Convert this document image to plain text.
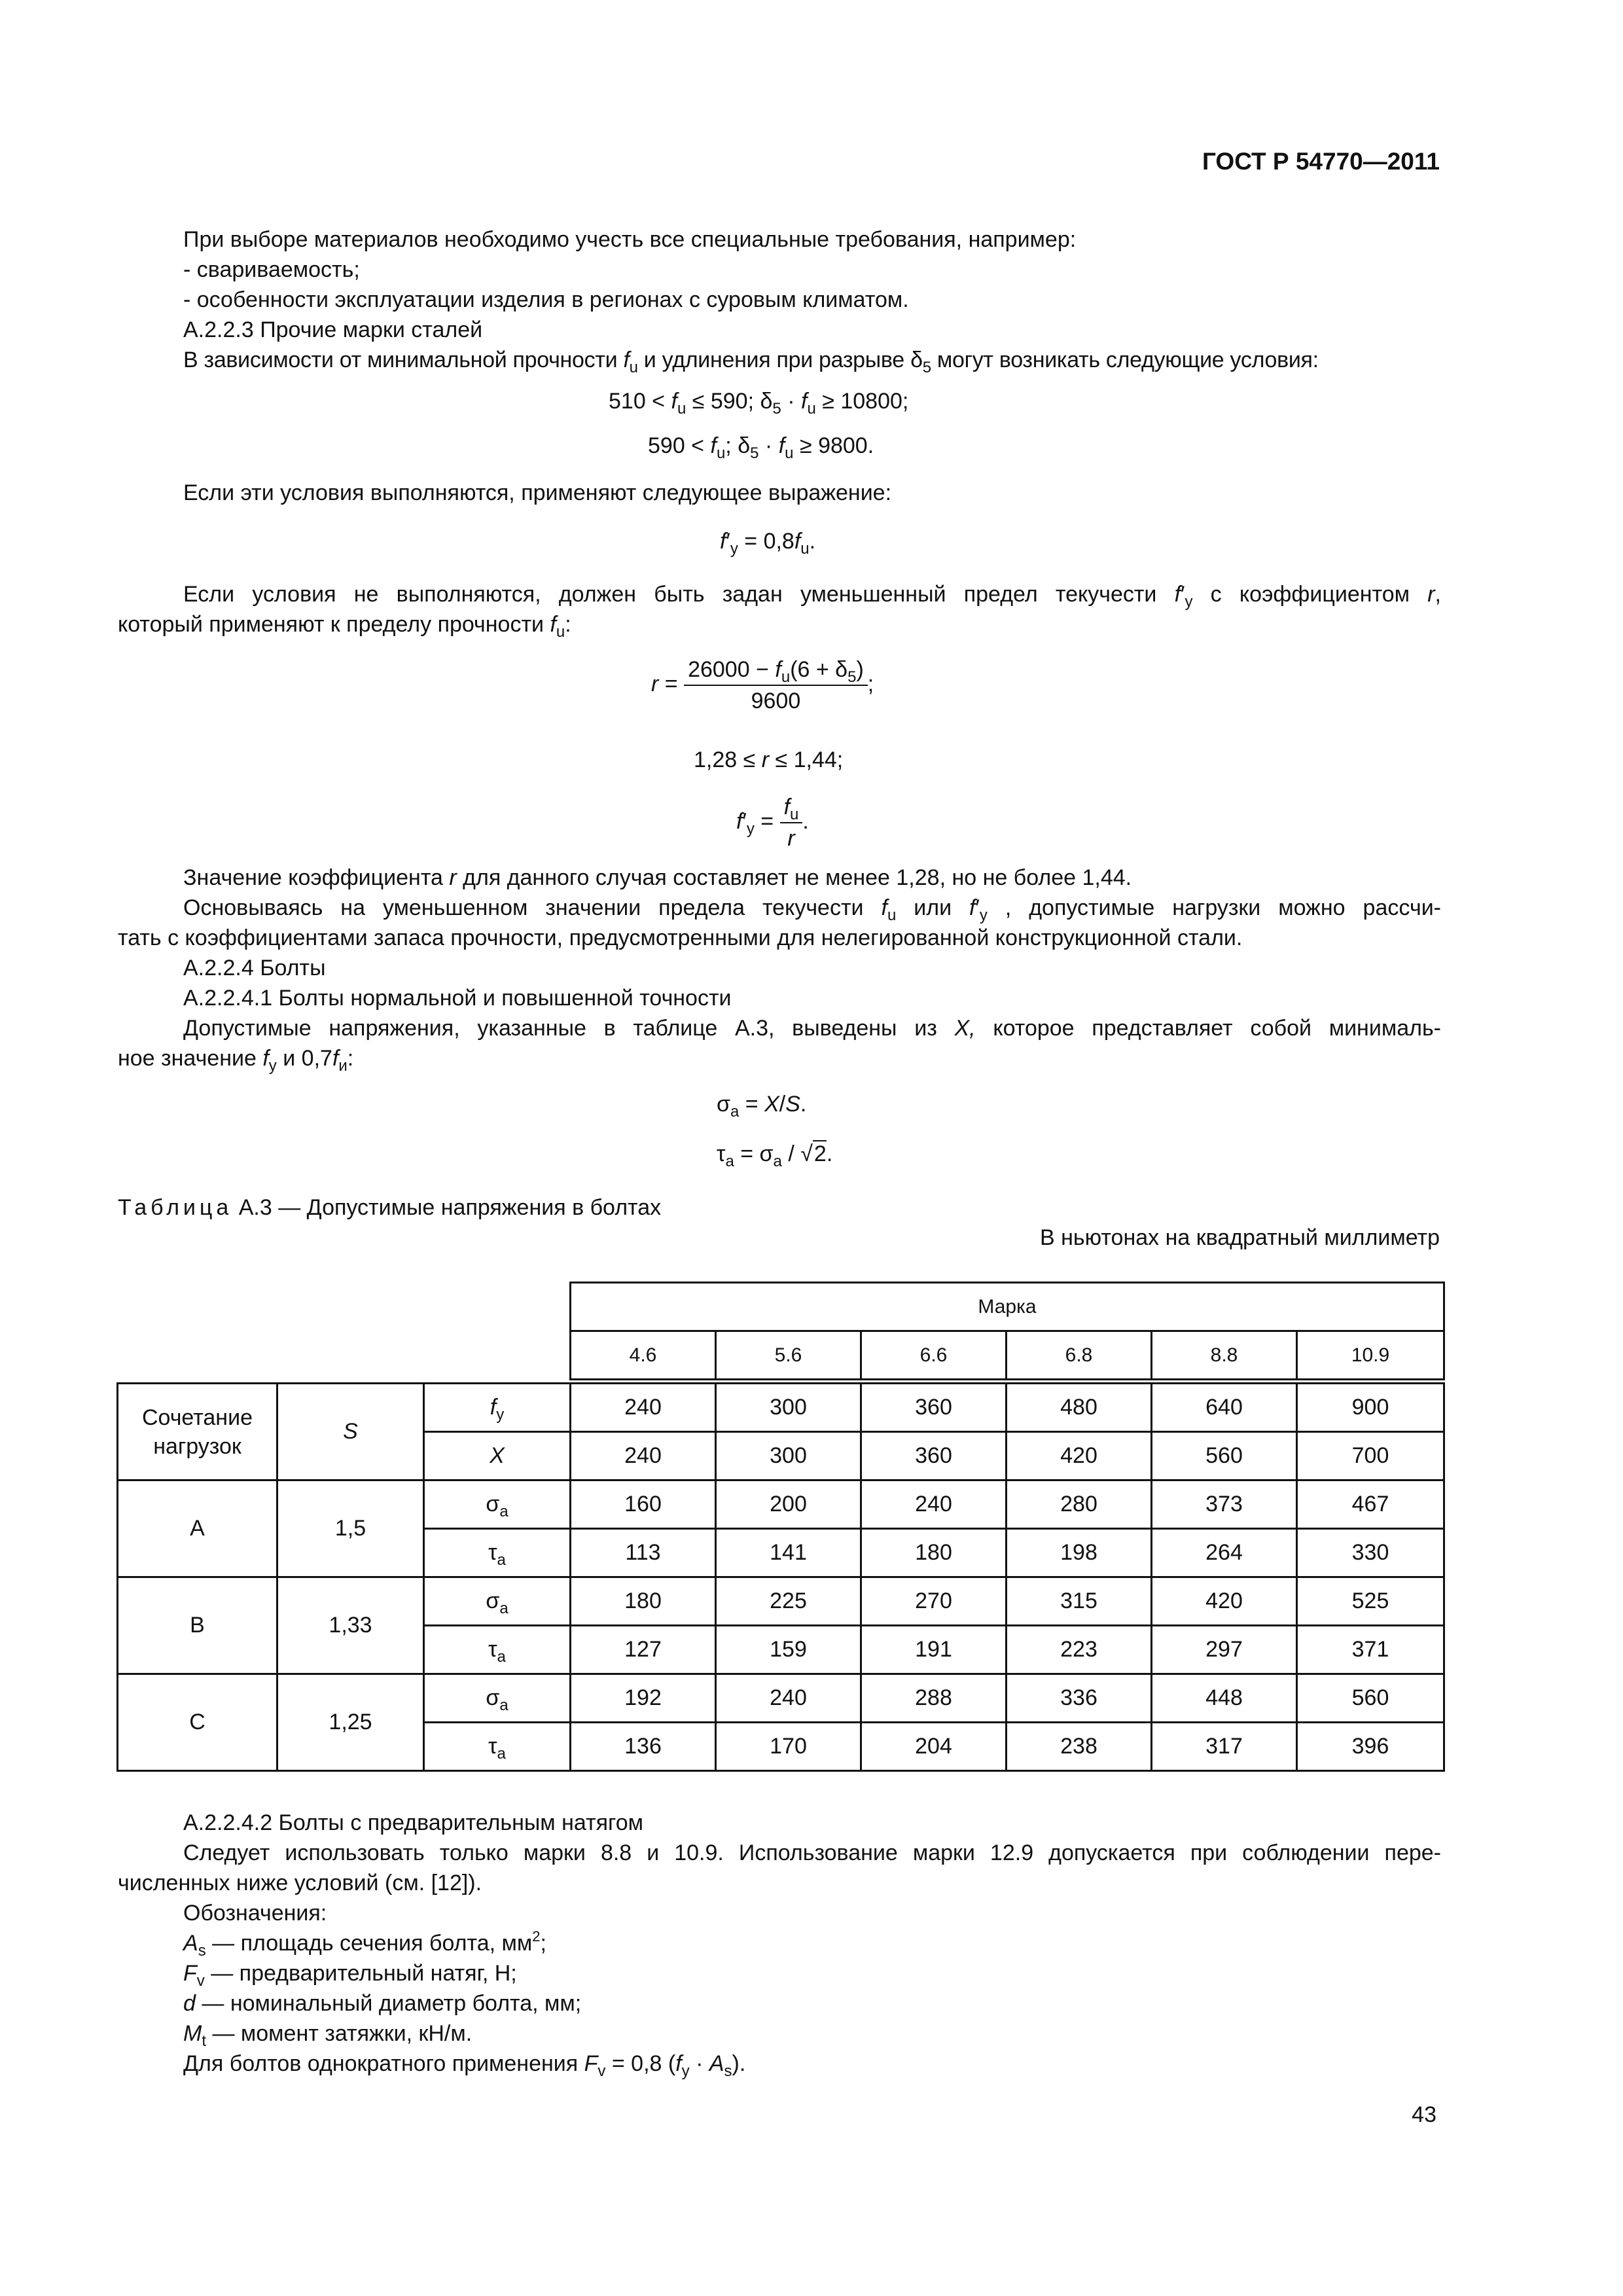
ГОСТ Р 54770—2011
При выборе материалов необходимо учесть все специальные требования, например:
- свариваемость;
- особенности эксплуатации изделия в регионах с суровым климатом.
А.2.2.3 Прочие марки сталей
В зависимости от минимальной прочности $f_u$ и удлинения при разрыве $\delta_5$ могут возникать следующие условия:
$510 < f_u \le 590$; $\delta_5 \cdot f_u \ge 10800$;
$590 < f_u$; $\delta_5 \cdot f_u \ge 9800$.
Если эти условия выполняются, применяют следующее выражение:
$f'_y = 0,8f_u$.
Если условия не выполняются, должен быть задан уменьшенный предел текучести $f'_y$ с коэффициентом r,
который применяют к пределу прочности $f_u$:
$r = \frac{26000 - f_u(6 + \delta_5)}{9600}$ ;
1,28 ≤ r ≤ 1,44;
$f'_y = \frac{f_u}{r}$ .
Значение коэффициента r для данного случая составляет не менее 1,28, но не более 1,44.
Основываясь на уменьшенном значении предела текучести $f_u$ или $f'_y$ , допустимые нагрузки можно рассчи-
тать с коэффициентами запаса прочности, предусмотренными для нелегированной конструкционной стали.
А.2.2.4 Болты
А.2.2.4.1 Болты нормальной и повышенной точности
Допустимые напряжения, указанные в таблице А.3, выведены из X, которое представляет собой минималь-
ное значение $f_y$ и $0,7f_и$:
$\sigma_a = X/S$.
$\tau_a = \sigma_a / √2$.
Таблица А.3 — Допустимые напряжения в болтах
В ньютонах на квадратный миллиметр
			Марка					
			4.6	5.6	6.6	6.8	8.8	10.9

Сочетание нагрузок	S	$f_y$	240	300	360	480	640	900
		X	240	300	360	420	560	700
А	1,5	$\sigma_a$	160	200	240	280	373	467
		$\tau_a$	113	141	180	198	264	330
В	1,33	$\sigma_a$	180	225	270	315	420	525
		$\tau_a$	127	159	191	223	297	371
С	1,25	$\sigma_a$	192	240	288	336	448	560
		$\tau_a$	136	170	204	238	317	396
А.2.2.4.2 Болты с предварительным натягом
Следует использовать только марки 8.8 и 10.9. Использование марки 12.9 допускается при соблюдении пере-
численных ниже условий (см. [12]).
Обозначения:
$A_s$ — площадь сечения болта, $мм^2$;
$F_v$ — предварительный натяг, Н;
d — номинальный диаметр болта, мм;
$M_t$ — момент затяжки, кН/м.
Для болтов однократного применения $F_v = 0,8$ $(f_y \cdot A_s)$.
43
